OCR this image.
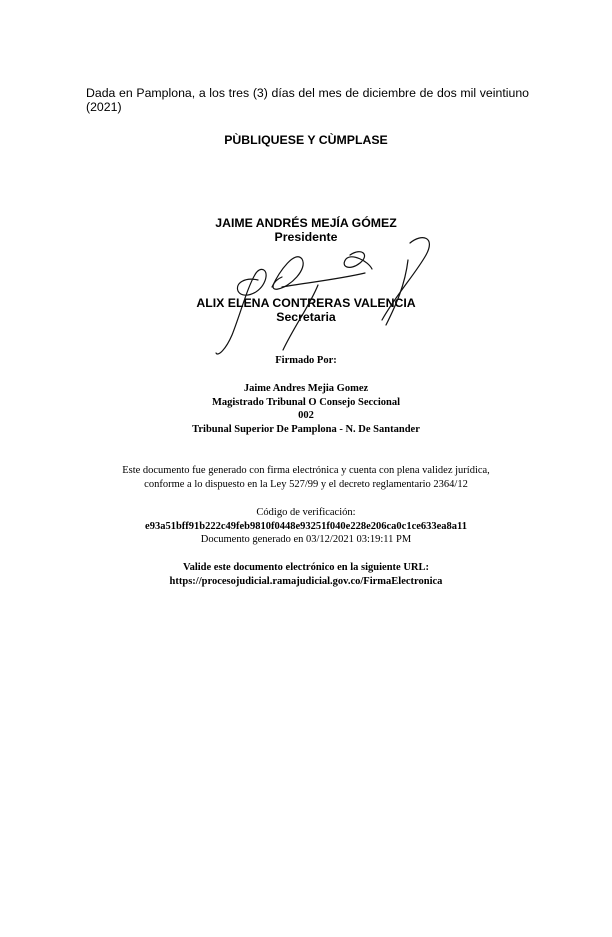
Dada en Pamplona, a los tres (3) días del mes de diciembre de dos mil veintiuno (2021)
PÙBLIQUESE Y CÙMPLASE
JAIME ANDRÉS MEJÍA GÓMEZ
Presidente
ALIX ELENA CONTRERAS VALENCIA
Secretaria
Firmado Por:
Jaime Andres Mejia Gomez
Magistrado Tribunal O Consejo Seccional
002
Tribunal Superior De Pamplona - N. De Santander
Este documento fue generado con firma electrónica y cuenta con plena validez jurídica,
conforme a lo dispuesto en la Ley 527/99 y el decreto reglamentario 2364/12
Código de verificación:
e93a51bff91b222c49feb9810f0448e93251f040e228e206ca0c1ce633ea8a11
Documento generado en 03/12/2021 03:19:11 PM
Valide este documento electrónico en la siguiente URL:
https://procesojudicial.ramajudicial.gov.co/FirmaElectronica
